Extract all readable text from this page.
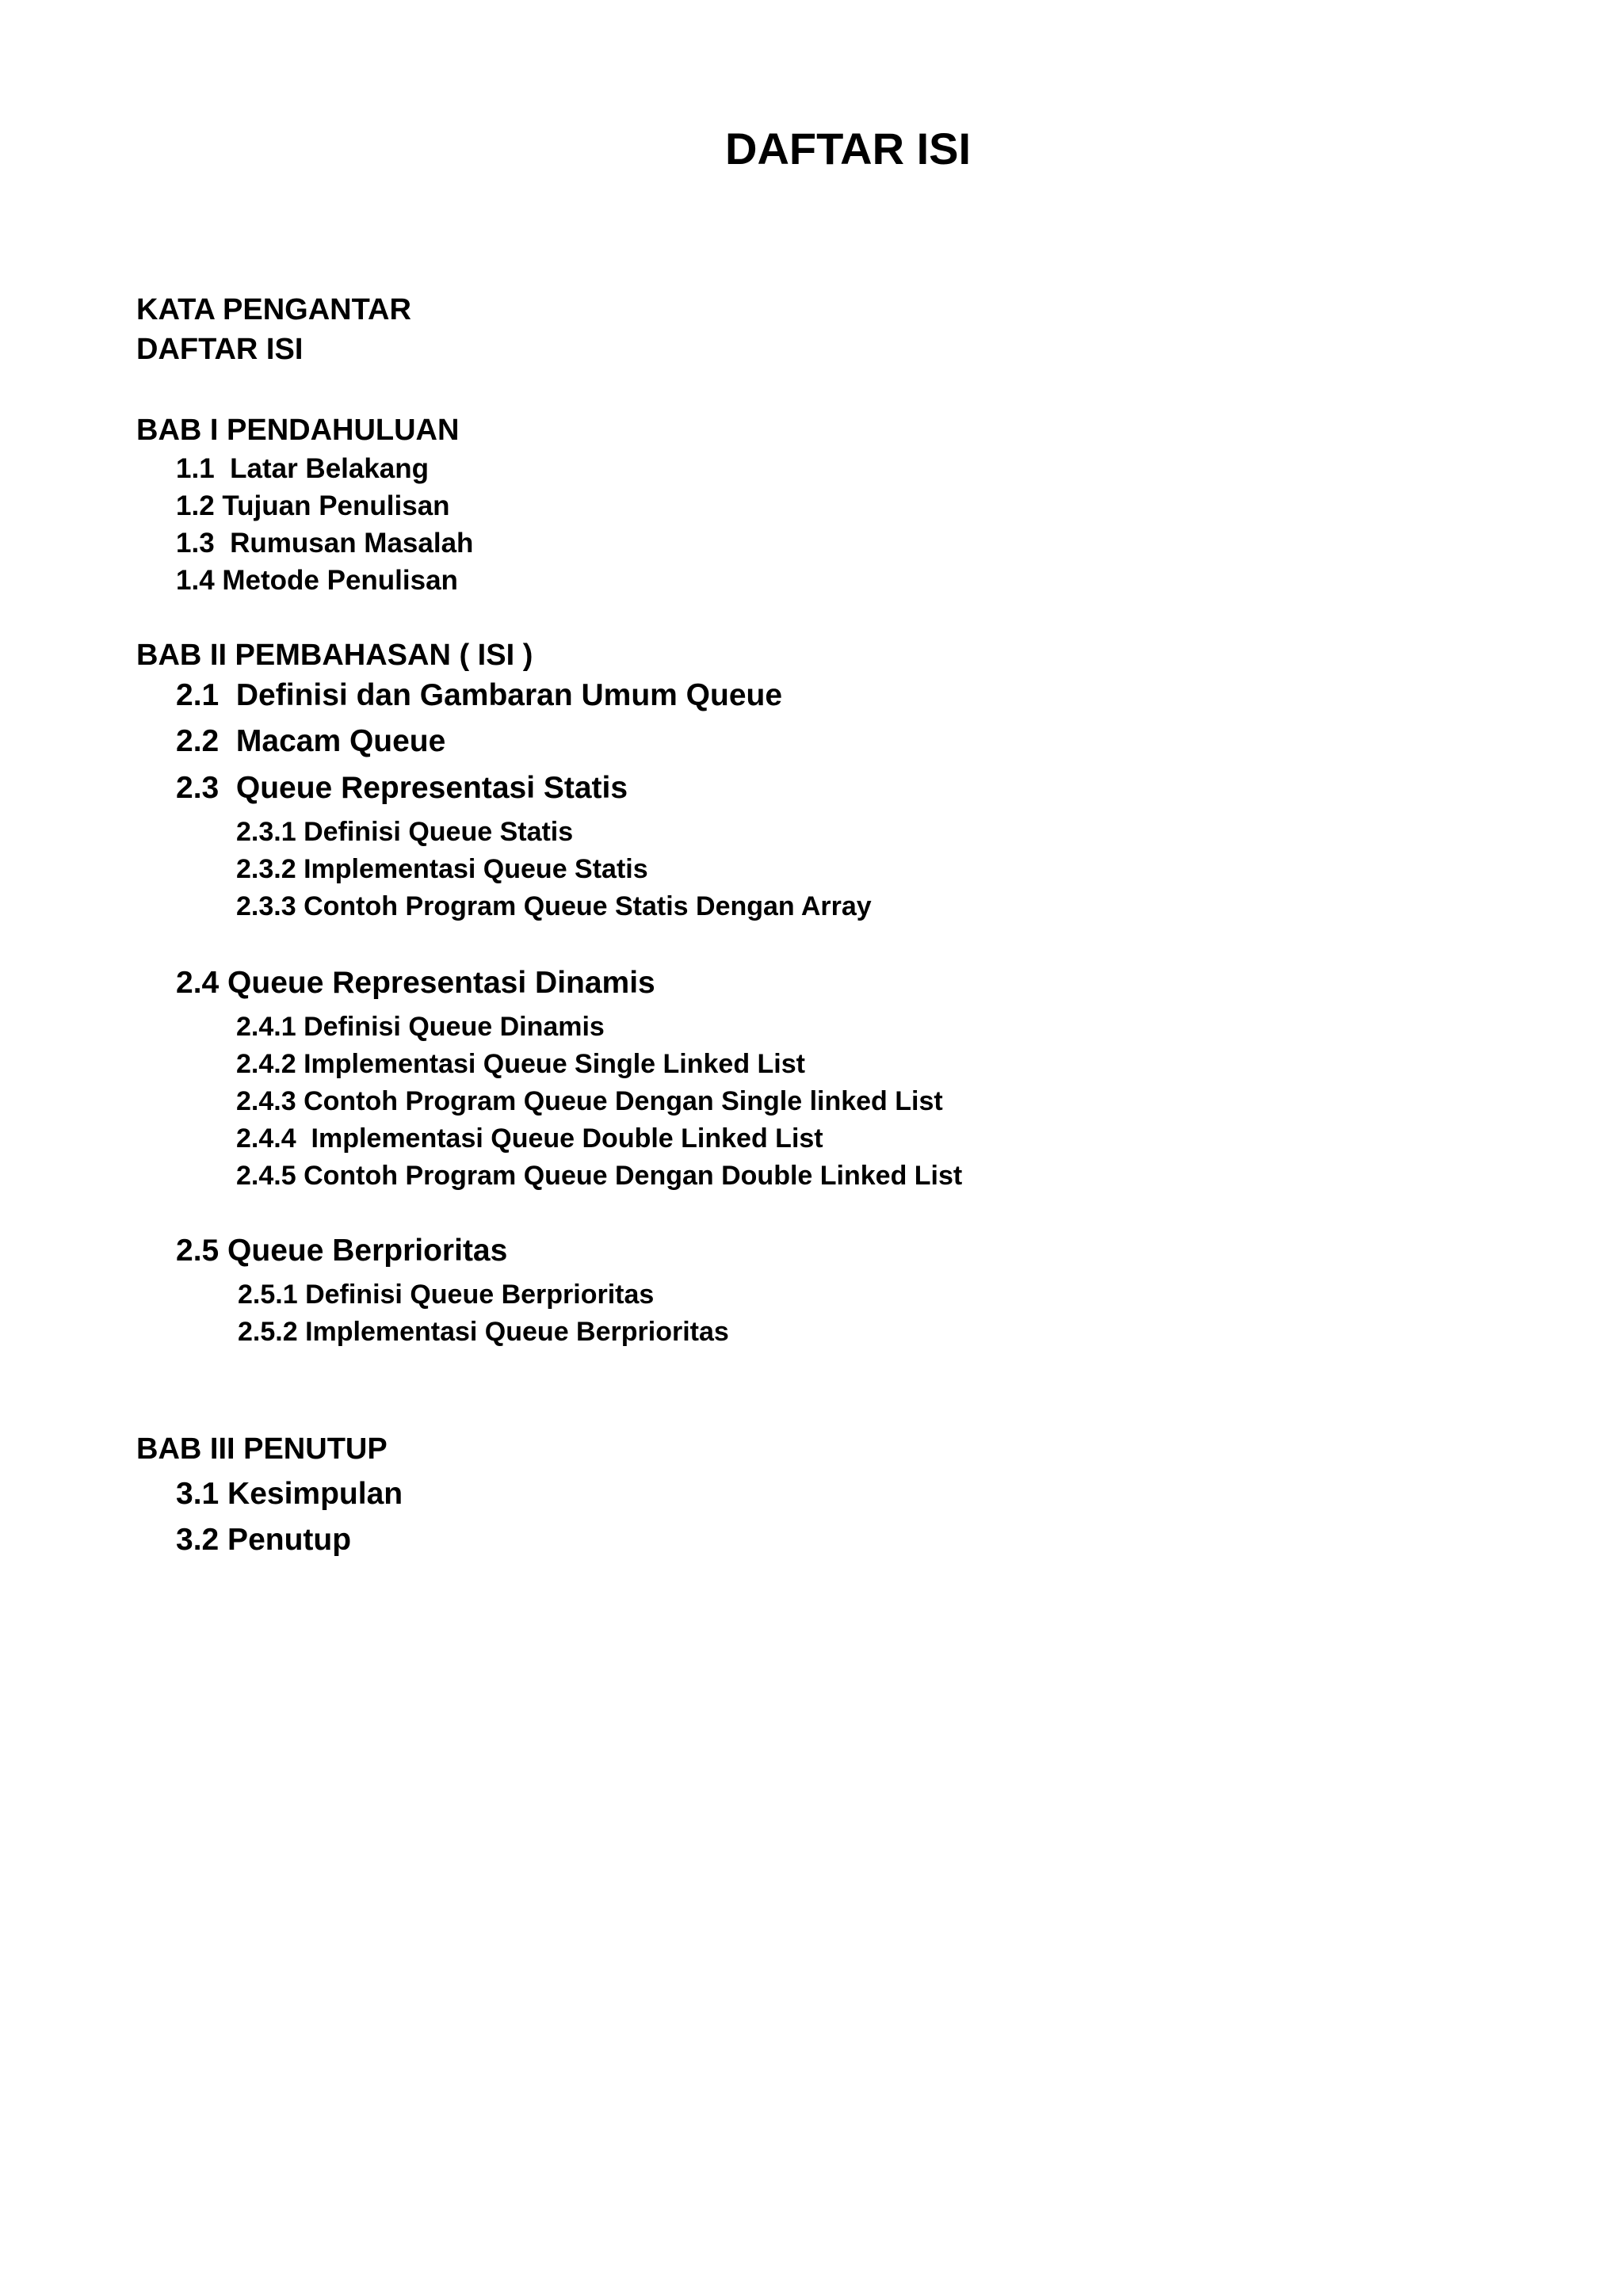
DAFTAR ISI
KATA PENGANTAR
DAFTAR ISI
BAB I PENDAHULUAN
1.1  Latar Belakang
1.2 Tujuan Penulisan
1.3  Rumusan Masalah
1.4 Metode Penulisan
BAB II PEMBAHASAN ( ISI )
2.1  Definisi dan Gambaran Umum Queue
2.2  Macam Queue
2.3  Queue Representasi Statis
2.3.1 Definisi Queue Statis
2.3.2 Implementasi Queue Statis
2.3.3 Contoh Program Queue Statis Dengan Array
2.4 Queue Representasi Dinamis
2.4.1 Definisi Queue Dinamis
2.4.2 Implementasi Queue Single Linked List
2.4.3 Contoh Program Queue Dengan Single linked List
2.4.4  Implementasi Queue Double Linked List
2.4.5 Contoh Program Queue Dengan Double Linked List
2.5 Queue Berprioritas
2.5.1 Definisi Queue Berprioritas
2.5.2 Implementasi Queue Berprioritas
BAB III PENUTUP
3.1 Kesimpulan
3.2 Penutup
